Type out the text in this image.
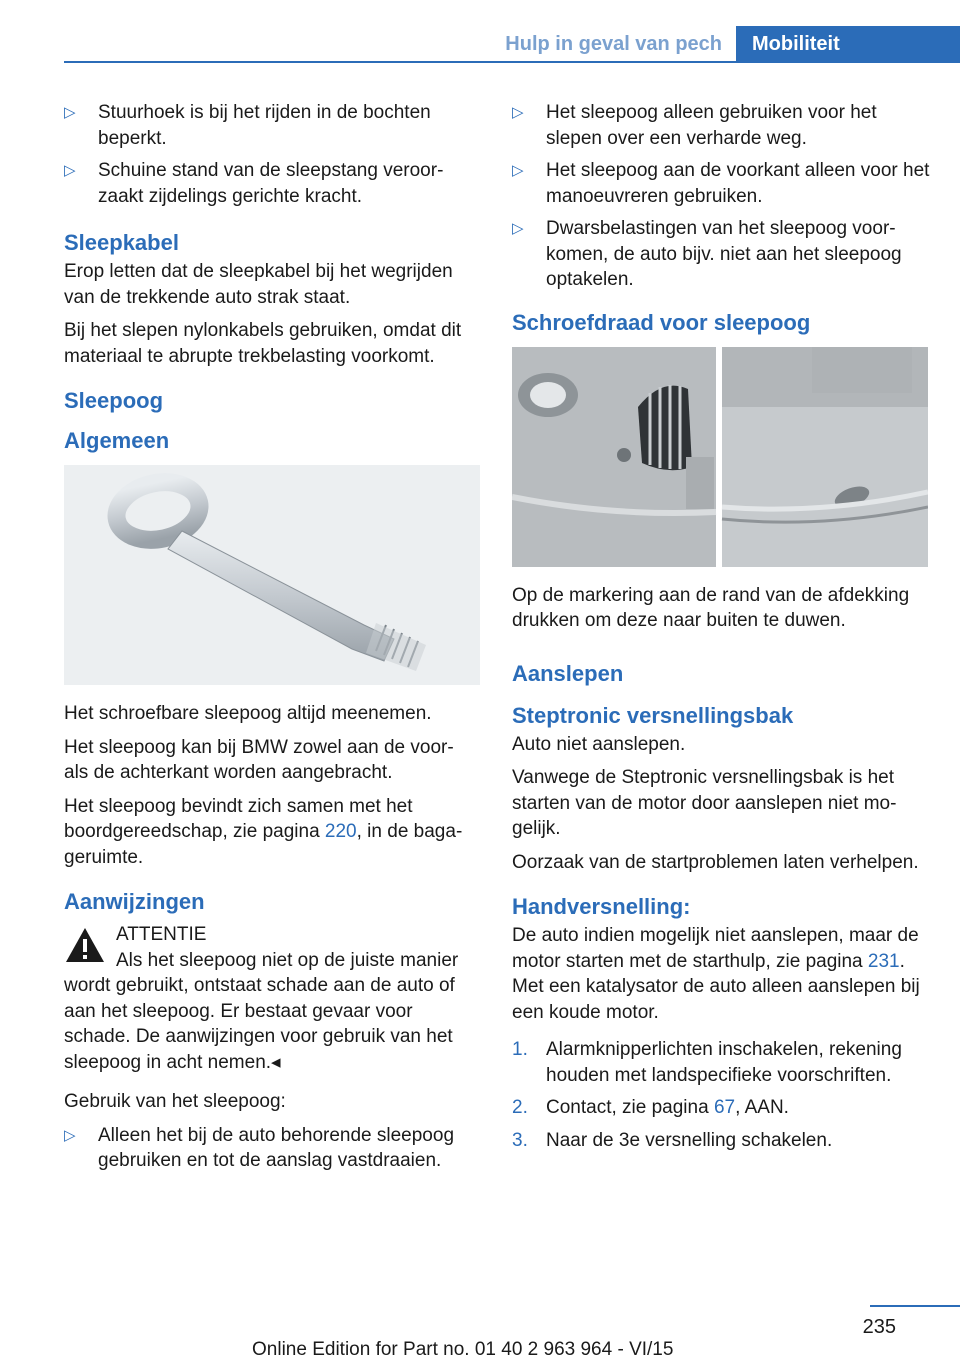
Hulp in geval van pech	Mobiliteit
▷ Stuurhoek is bij het rijden in de bochten beperkt.
▷ Schuine stand van de sleepstang veroorzaakt zijdelings gerichte kracht.
Sleepkabel

Erop letten dat de sleepkabel bij het wegrijden van de trekkende auto strak staat.

Bij het slepen nylonkabels gebruiken, omdat dit materiaal te abrupte trekbelasting voorkomt.

Sleepoog
Algemeen

Het schroefbare sleepoog altijd meenemen.

Het sleepoog kan bij BMW zowel aan de voor- als de achterkant worden aangebracht.

Het sleepoog bevindt zich samen met het boordgereedschap, zie pagina 220, in de bagageruimte.

Aanwijzingen
ATTENTIE
Als het sleepoog niet op de juiste manier

wordt gebruikt, ontstaat schade aan de auto of aan het sleepoog. Er bestaat gevaar voor schade. De aanwijzingen voor gebruik van het sleepoog in acht nemen.◂

Gebruik van het sleepoog:

▷ Alleen het bij de auto behorende sleepoog gebruiken en tot de aanslag vastdraaien.
▷ Het sleepoog alleen gebruiken voor het slepen over een verharde weg.
▷ Het sleepoog aan de voorkant alleen voor het manoeuvreren gebruiken.
▷ Dwarsbelastingen van het sleepoog voorkomen, de auto bijv. niet aan het sleepoog optakelen.
Schroefdraad voor sleepoog

Op de markering aan de rand van de afdekking drukken om deze naar buiten te duwen.

Aanslepen
Steptronic versnellingsbak

Auto niet aanslepen.

Vanwege de Steptronic versnellingsbak is het starten van de motor door aanslepen niet mogelijk.

Oorzaak van de startproblemen laten verhelpen.

Handversnelling:

De auto indien mogelijk niet aanslepen, maar de motor starten met de starthulp, zie pagina 231. Met een katalysator de auto alleen aanslepen bij een koude motor.

1. Alarmknipperlichten inschakelen, rekening houden met landspecifieke voorschriften.
2. Contact, zie pagina 67, AAN.
3. Naar de 3e versnelling schakelen.
235
Online Edition for Part no. 01 40 2 963 964 - VI/15
